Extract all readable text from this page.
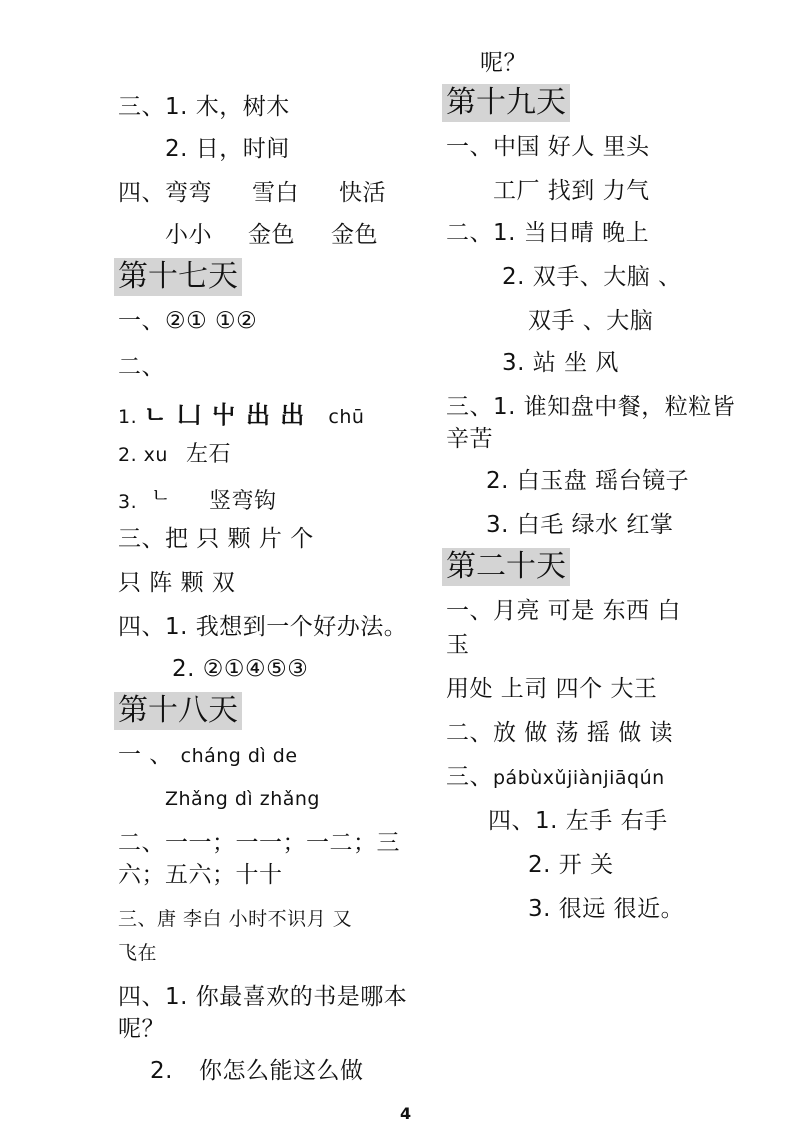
三、1. 木，树木
2. 日，时间
四、弯弯 雪白 快活
小小 金色 金色
第十七天
一、②① ①②
二、
1. ㄴ 凵 屮 出 出 chū
2. xu 左石
3. ㄴ 竖弯钩
三、把 只 颗 片 个
只 阵 颗 双
四、1. 我想到一个好办法。
2. ②①④⑤③
第十八天
一 、 cháng dì de
Zhǎng dì zhǎng
二、一一；一一；一二；三
六；五六；十十
三、唐 李白 小时不识月 又
飞在
四、1. 你最喜欢的书是哪本
呢？
2. 你怎么能这么做
呢？
第十九天
一、中国 好人 里头
工厂 找到 力气
二、1. 当日晴 晚上
2. 双手、大脑 、
双手 、大脑
3. 站 坐 风
三、1. 谁知盘中餐，粒粒皆
辛苦
2. 白玉盘 瑶台镜子
3. 白毛 绿水 红掌
第二十天
一、月亮 可是 东西 白
玉
用处 上司 四个 大王
二、放 做 荡 摇 做 读
三、pábùxǔjiànjiāqún
四、1. 左手 右手
2. 开 关
3. 很远 很近。
4
